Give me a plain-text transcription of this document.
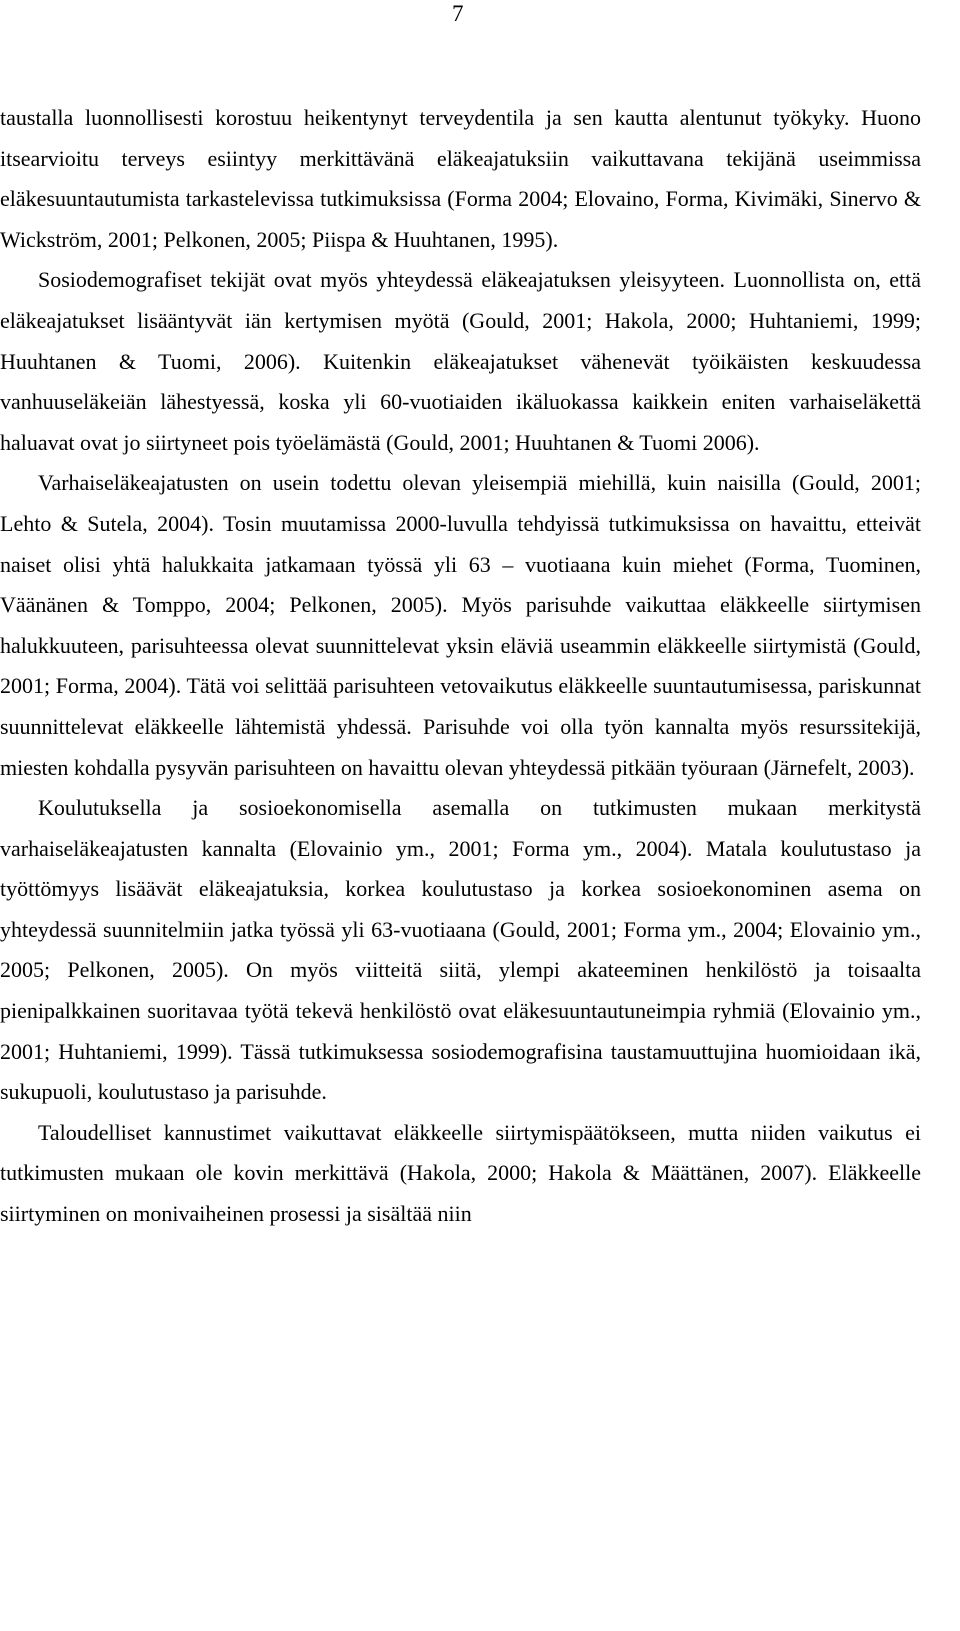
7

taustalla luonnollisesti korostuu heikentynyt terveydentila ja sen kautta alentunut työkyky. Huono itsearvioitu terveys esiintyy merkittävänä eläkeajatuksiin vaikuttavana tekijänä useimmissa eläkesuuntautumista tarkastelevissa tutkimuksissa (Forma 2004; Elovaino, Forma, Kivimäki, Sinervo & Wickström, 2001; Pelkonen, 2005; Piispa & Huuhtanen, 1995).

Sosiodemografiset tekijät ovat myös yhteydessä eläkeajatuksen yleisyyteen. Luonnollista on, että eläkeajatukset lisääntyvät iän kertymisen myötä (Gould, 2001; Hakola, 2000; Huhtaniemi, 1999; Huuhtanen & Tuomi, 2006). Kuitenkin eläkeajatukset vähenevät työikäisten keskuudessa vanhuuseläkeiän lähestyessä, koska yli 60-vuotiaiden ikäluokassa kaikkein eniten varhaiseläkettä haluavat ovat jo siirtyneet pois työelämästä (Gould, 2001; Huuhtanen & Tuomi 2006).

Varhaiseläkeajatusten on usein todettu olevan yleisempiä miehillä, kuin naisilla (Gould, 2001; Lehto & Sutela, 2004). Tosin muutamissa 2000-luvulla tehdyissä tutkimuksissa on havaittu, etteivät naiset olisi yhtä halukkaita jatkamaan työssä yli 63 – vuotiaana kuin miehet (Forma, Tuominen, Väänänen & Tomppo, 2004; Pelkonen, 2005). Myös parisuhde vaikuttaa eläkkeelle siirtymisen halukkuuteen, parisuhteessa olevat suunnittelevat yksin eläviä useammin eläkkeelle siirtymistä (Gould, 2001; Forma, 2004). Tätä voi selittää parisuhteen vetovaikutus eläkkeelle suuntautumisessa, pariskunnat suunnittelevat eläkkeelle lähtemistä yhdessä. Parisuhde voi olla työn kannalta myös resurssitekijä, miesten kohdalla pysyvän parisuhteen on havaittu olevan yhteydessä pitkään työuraan (Järnefelt, 2003).

Koulutuksella ja sosioekonomisella asemalla on tutkimusten mukaan merkitystä varhaiseläkeajatusten kannalta (Elovainio ym., 2001; Forma ym., 2004). Matala koulutustaso ja työttömyys lisäävät eläkeajatuksia, korkea koulutustaso ja korkea sosioekonominen asema on yhteydessä suunnitelmiin jatka työssä yli 63-vuotiaana (Gould, 2001; Forma ym., 2004; Elovainio ym., 2005; Pelkonen, 2005). On myös viitteitä siitä, ylempi akateeminen henkilöstö ja toisaalta pienipalkkainen suoritavaa työtä tekevä henkilöstö ovat eläkesuuntautuneimpia ryhmiä (Elovainio ym., 2001; Huhtaniemi, 1999). Tässä tutkimuksessa sosiodemografisina taustamuuttujina huomioidaan ikä, sukupuoli, koulutustaso ja parisuhde.

Taloudelliset kannustimet vaikuttavat eläkkeelle siirtymispäätökseen, mutta niiden vaikutus ei tutkimusten mukaan ole kovin merkittävä (Hakola, 2000; Hakola & Määttänen, 2007). Eläkkeelle siirtyminen on monivaiheinen prosessi ja sisältää niin
